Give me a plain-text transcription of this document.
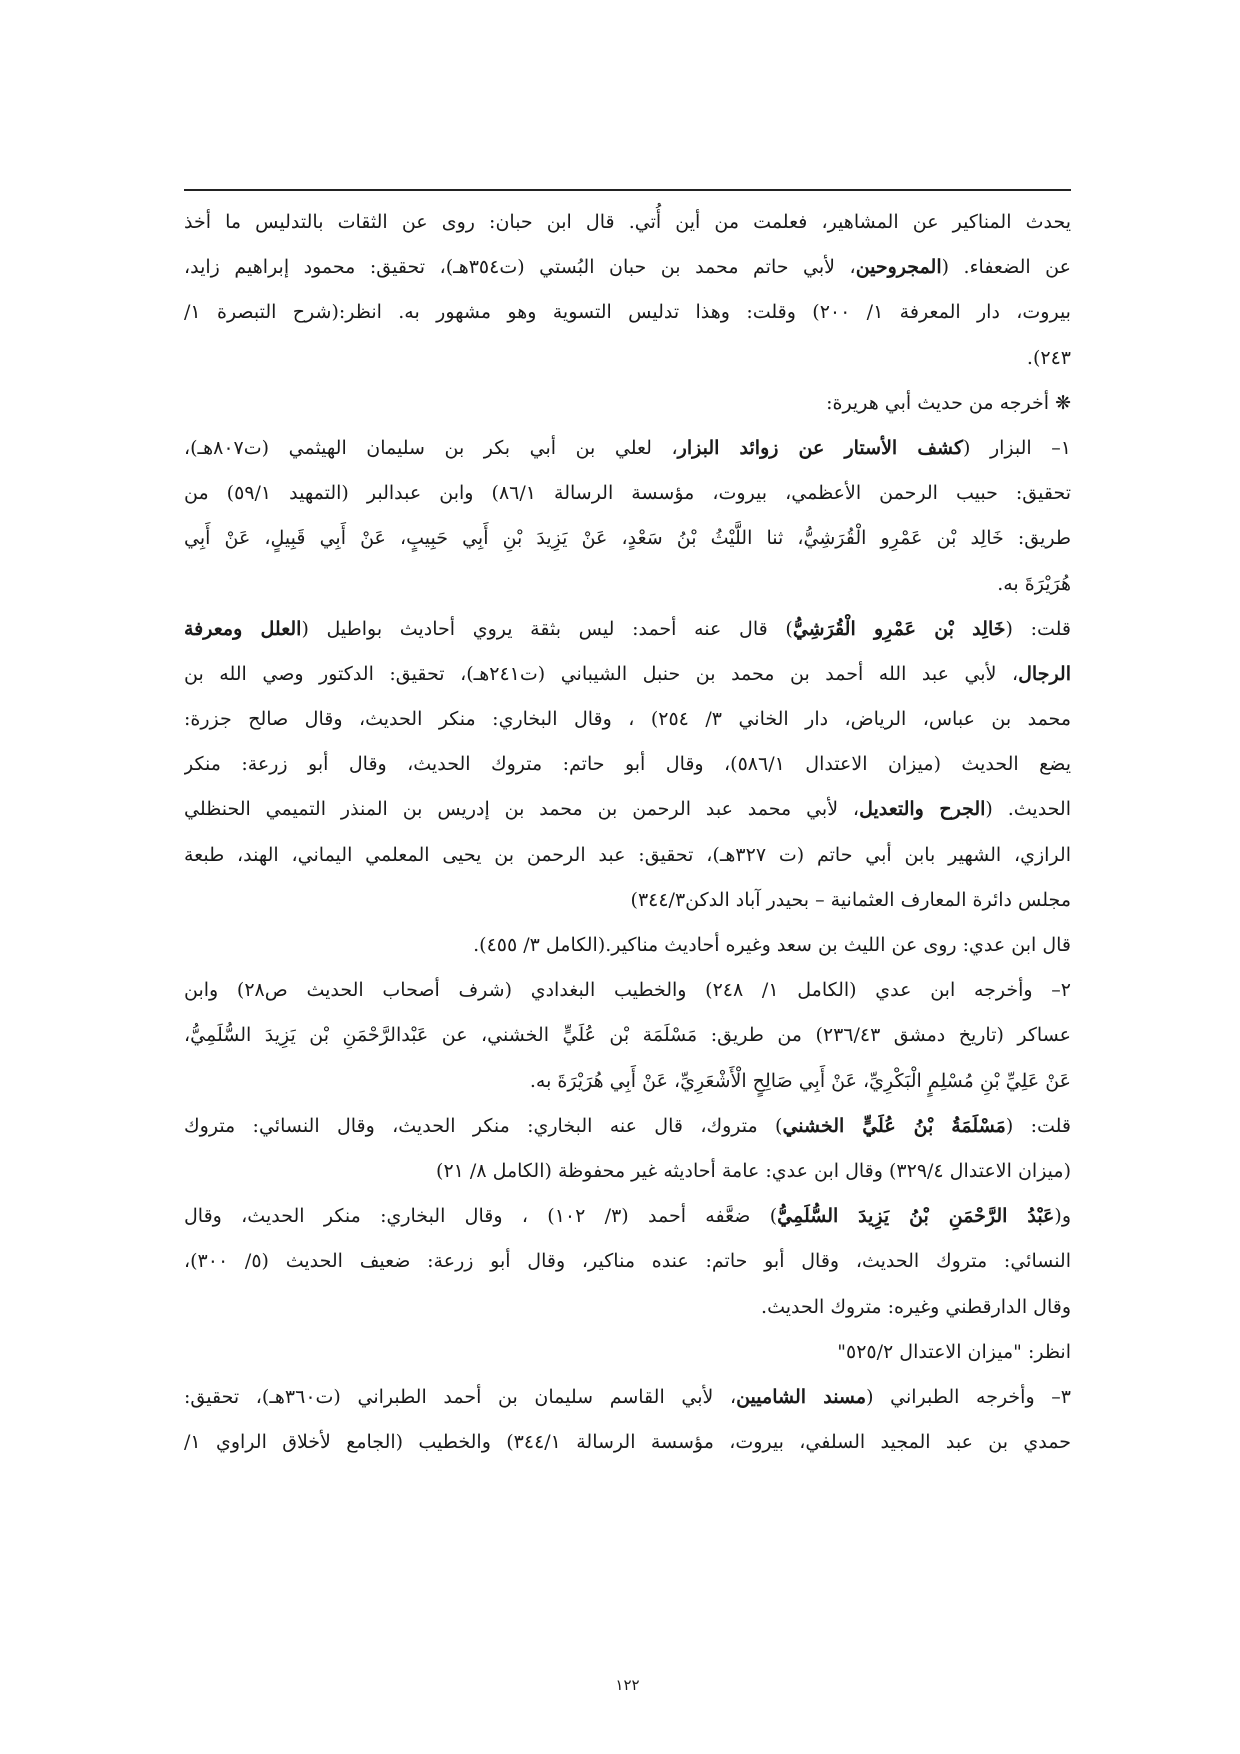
يحدث المناكير عن المشاهير، فعلمت من أين أُتي. قال ابن حبان: روى عن الثقات بالتدليس ما أخذ
عن الضعفاء. (المجروحين، لأبي حاتم محمد بن حبان البُستي (ت٣٥٤هـ)، تحقيق: محمود إبراهيم زايد،
بيروت، دار المعرفة ١/ ٢٠٠) وقلت: وهذا تدليس التسوية وهو مشهور به. انظر:(شرح التبصرة ١/
٢٤٣).
❋ أخرجه من حديث أبي هريرة:
١– البزار (كشف الأستار عن زوائد البزار، لعلي بن أبي بكر بن سليمان الهيثمي (ت٨٠٧هـ)،
تحقيق: حبيب الرحمن الأعظمي، بيروت، مؤسسة الرسالة ٨٦/١) وابن عبدالبر (التمهيد ٥٩/١) من
طريق: خَالِد بْن عَمْرِو الْقُرَشِيُّ، ثنا اللَّيْثُ بْنُ سَعْدٍ، عَنْ يَزِيدَ بْنِ أَبِي حَبِيبٍ، عَنْ أَبِي قَبِيلٍ، عَنْ أَبِي
هُرَيْرَةَ به.
قلت: (خَالِد بْن عَمْرِو الْقُرَشِيُّ) قال عنه أحمد: ليس بثقة يروي أحاديث بواطيل (العلل ومعرفة
الرجال، لأبي عبد الله أحمد بن محمد بن حنبل الشيباني (ت٢٤١هـ)، تحقيق: الدكتور وصي الله بن
محمد بن عباس، الرياض، دار الخاني ٣/ ٢٥٤) ، وقال البخاري: منكر الحديث، وقال صالح جزرة:
يضع الحديث (ميزان الاعتدال ٥٨٦/١)، وقال أبو حاتم: متروك الحديث، وقال أبو زرعة: منكر
الحديث. (الجرح والتعديل، لأبي محمد عبد الرحمن بن محمد بن إدريس بن المنذر التميمي الحنظلي
الرازي، الشهير بابن أبي حاتم (ت ٣٢٧هـ)، تحقيق: عبد الرحمن بن يحيى المعلمي اليماني، الهند، طبعة
مجلس دائرة المعارف العثمانية – بحيدر آباد الدكن٣٤٤/٣)
قال ابن عدي: روى عن الليث بن سعد وغيره أحاديث مناكير.(الكامل ٣/ ٤٥٥).
٢– وأخرجه ابن عدي (الكامل ١/ ٢٤٨) والخطيب البغدادي (شرف أصحاب الحديث ص٢٨) وابن
عساكر (تاريخ دمشق ٢٣٦/٤٣) من طريق: مَسْلَمَة بْن عُلَيٍّ الخشني، عن عَبْدالرَّحْمَنِ بْن يَزِيدَ السُّلَمِيُّ،
عَنْ عَلِيِّ بْنِ مُسْلِمٍ الْبَكْرِيِّ، عَنْ أَبِي صَالِحٍ الْأَشْعَرِيِّ، عَنْ أَبِي هُرَيْرَةَ به.
قلت: (مَسْلَمَةُ بْنُ عُلَيٍّ الخشني) متروك، قال عنه البخاري: منكر الحديث، وقال النسائي: متروك
(ميزان الاعتدال ٣٢٩/٤) وقال ابن عدي: عامة أحاديثه غير محفوظة (الكامل ٨/ ٢١)
و(عَبْدُ الرَّحْمَنِ بْنُ يَزِيدَ السُّلَمِيُّ) ضعَّفه أحمد (٣/ ١٠٢) ، وقال البخاري: منكر الحديث، وقال
النسائي: متروك الحديث، وقال أبو حاتم: عنده مناكير، وقال أبو زرعة: ضعيف الحديث (٥/ ٣٠٠)،
وقال الدارقطني وغيره: متروك الحديث.
انظر: "ميزان الاعتدال ٥٢٥/٢"
٣– وأخرجه الطبراني (مسند الشاميين، لأبي القاسم سليمان بن أحمد الطبراني (ت٣٦٠هـ)، تحقيق:
حمدي بن عبد المجيد السلفي، بيروت، مؤسسة الرسالة ٣٤٤/١) والخطيب (الجامع لأخلاق الراوي ١/
١٢٢
